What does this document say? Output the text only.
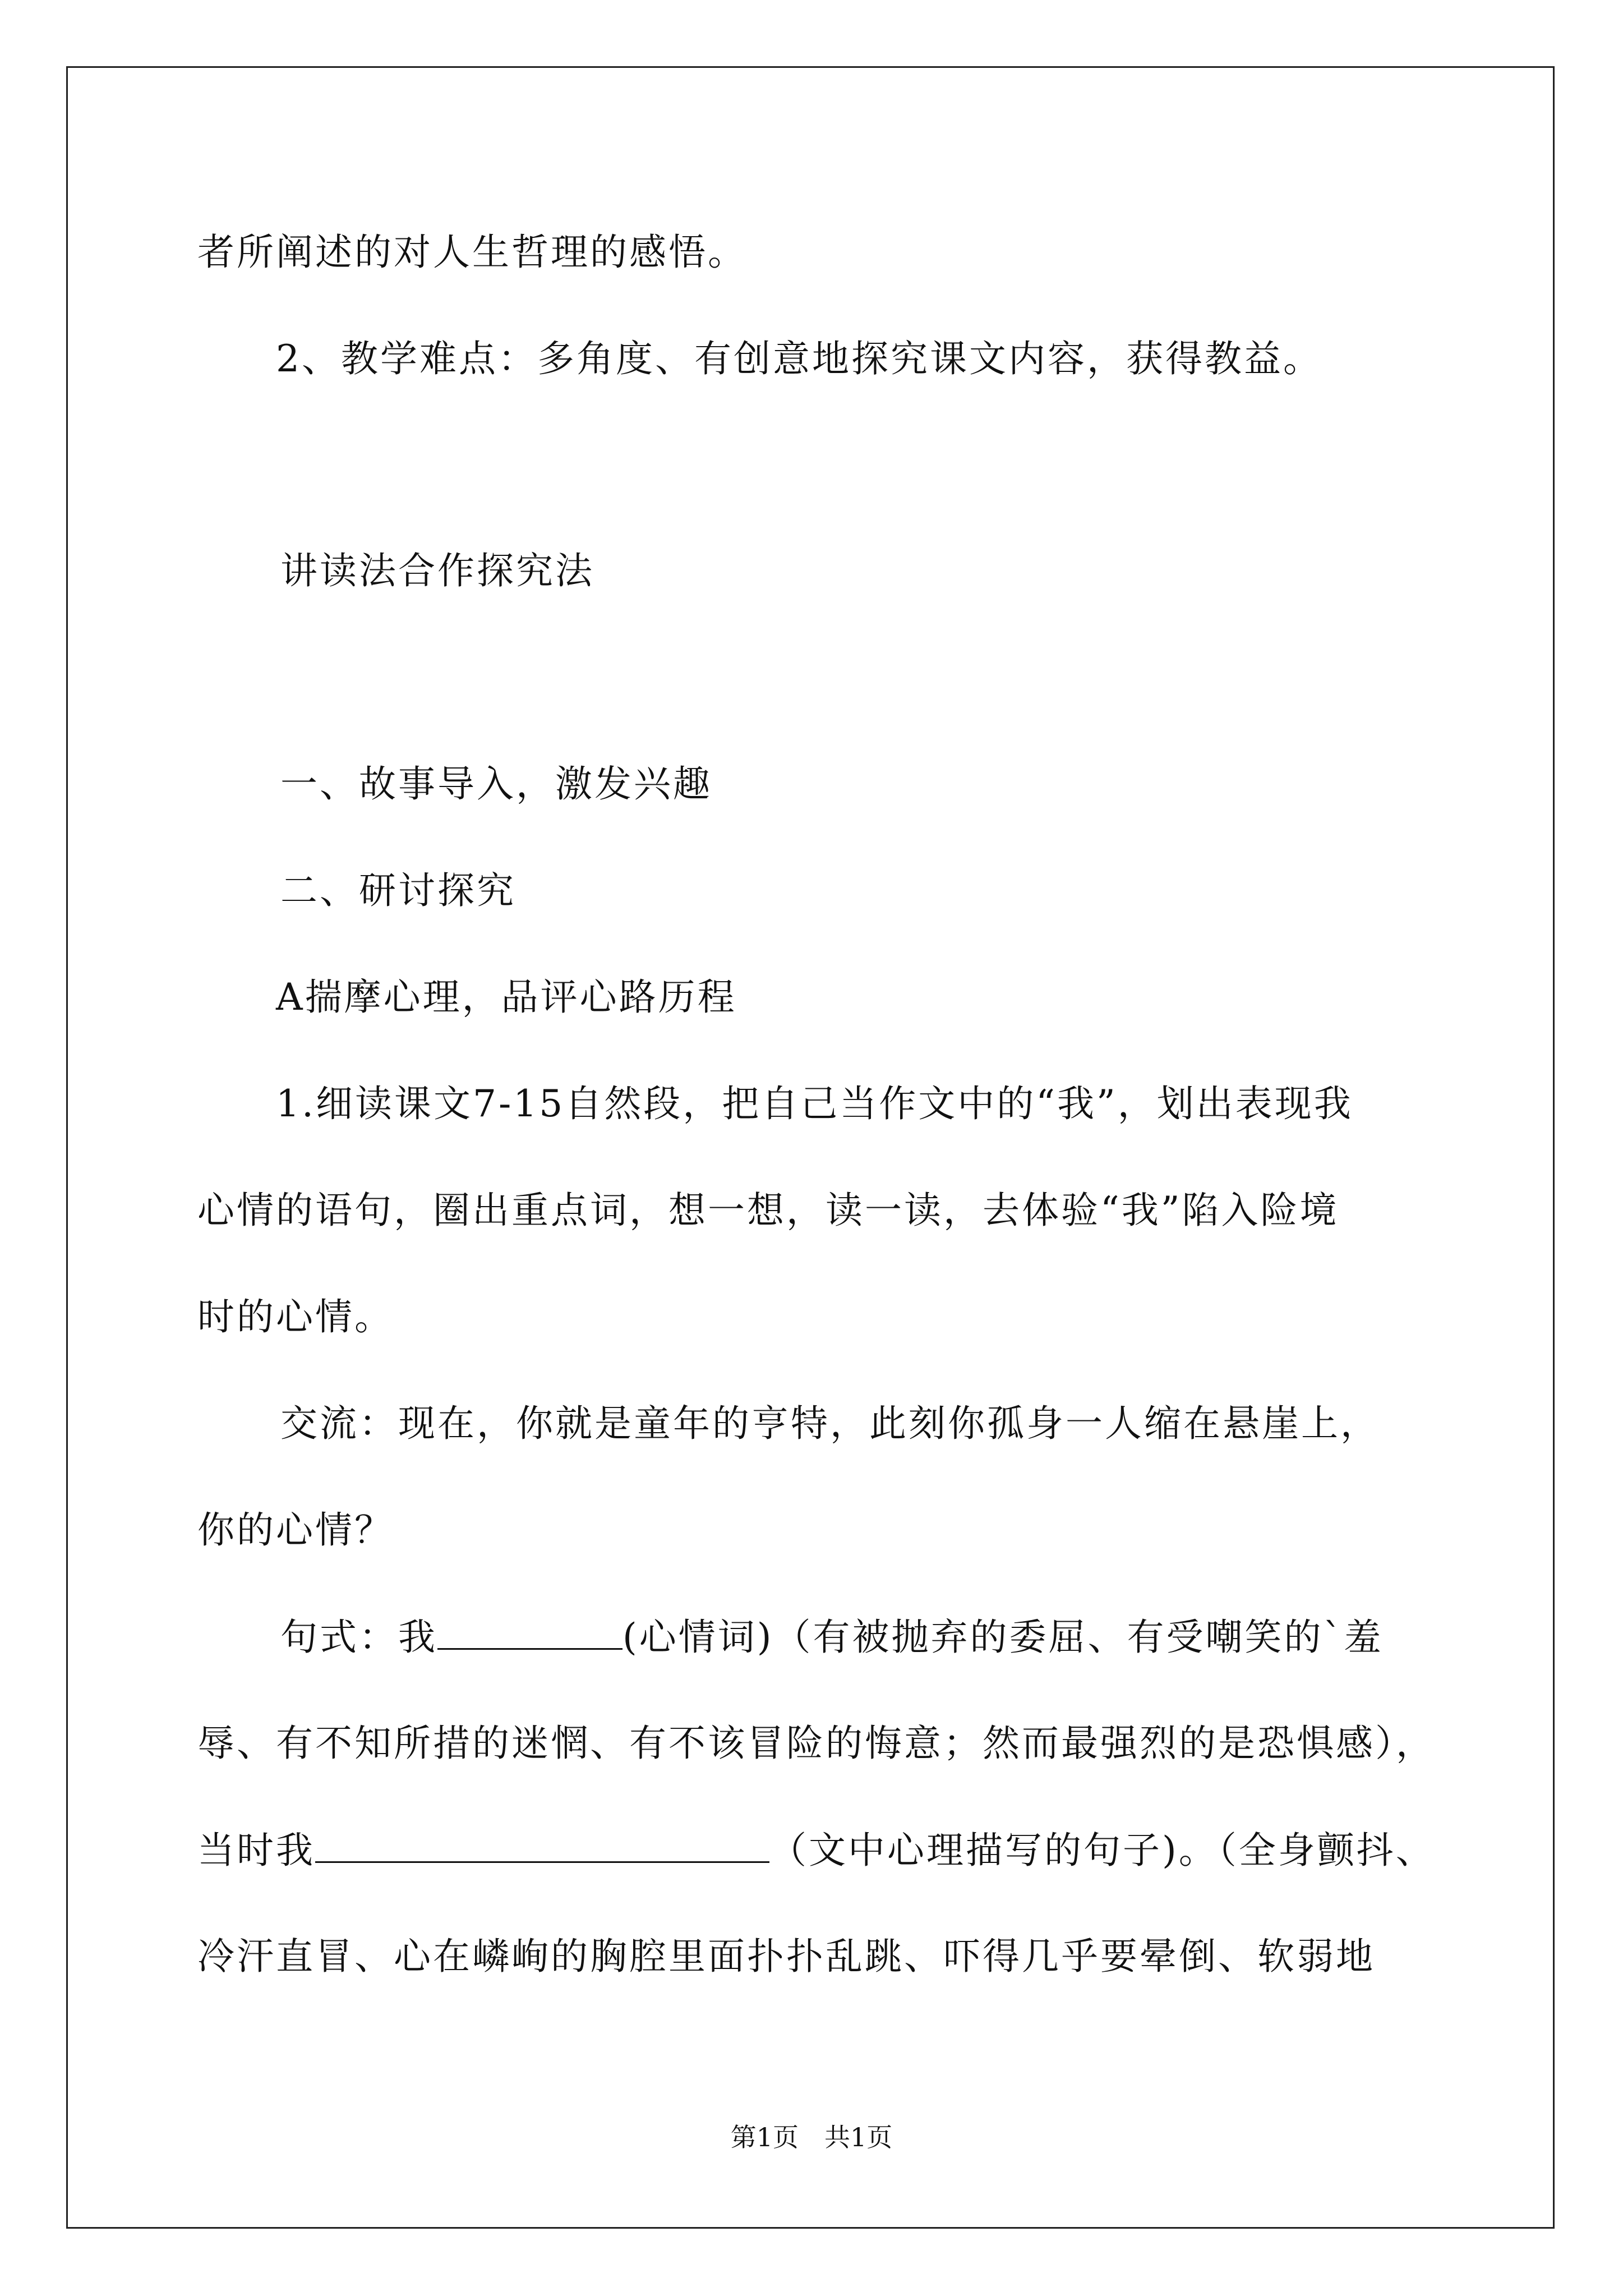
者所阐述的对人生哲理的感悟。
2、教学难点：多角度、有创意地探究课文内容，获得教益。
讲读法合作探究法
一、故事导入，激发兴趣
二、研讨探究
A揣摩心理，品评心路历程
1.细读课文7-15自然段，把自己当作文中的“我”，划出表现我
心情的语句，圈出重点词，想一想，读一读，去体验“我”陷入险境
时的心情。
交流：现在，你就是童年的亨特，此刻你孤身一人缩在悬崖上，
你的心情？
句式：我	(心情词)（有被抛弃的委屈、有受嘲笑的`羞
辱、有不知所措的迷惘、有不该冒险的悔意；然而最强烈的是恐惧感），
当时我	（文中心理描写的句子)。（全身颤抖、
冷汗直冒、心在嶙峋的胸腔里面扑扑乱跳、吓得几乎要晕倒、软弱地
第1页　共1页
